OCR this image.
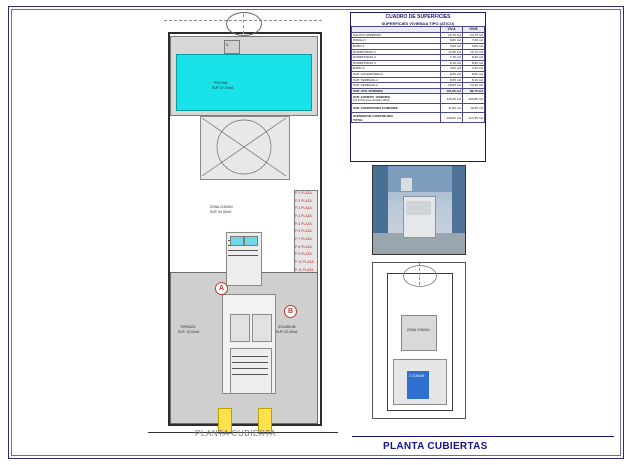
PISCINA
SUP. 67,94m2
D
ZONA COMUN
SUP. 54,50m2
P-1 PLAZA
P-2 PLAZA
P-3 PLAZA
P-4 PLAZA
P-5 PLAZA
P-6 PLAZA
P-7 PLAZA
P-8 PLAZA
P-9 PLAZA
P-10 PLAZA
P-11 PLAZA
TERRAZA
SUP. 19,04m2
SOLARIUM
SUP. 22,06m2
A
B
CUADRO DE SUPERFICIES
SUPERFICIES VIVIENDA TIPO (ATICO)
	VIV.A	VIV.B
SALON-COMEDOR	24,70 m2	24,70 m2
PASILLO	8,80 m2	7,00 m2
BAÑO-1	3,90 m2	3,80 m2
DORMITORIO-1	13,35 m2	10,70 m2
DORMITORIO-2	7,15 m2	8,20 m2
DORMITORIO-3	9,10 m2	8,95 m2
BAÑO-2	4,02 m2	4,40 m2
SUP. GALERIA/BALC.	8,00 m2	8,00 m2
SUP. TERRAZA-1	8,05 m2	8,10 m2
SUP. TERRAZA-2	29,65 m2	13,40 m2
SUP. UTIL VIVIENDA	101,90 m2	86,70 m2

SUP. CONSTR. VIVIENDA
(sin E.Comunes terrazas 100%)	116,25 m2	103,68 m2
SUP. CONSTRUIDA COMUNES	11,80 m2	10,35 m2

SUPERFICIE CONSTRUIDA
TOTAL	128,02 m2	113,35 m2
ZONA COMUN
2.COMUN
PLANTA CUBIERTA
PLANTA CUBIERTAS
